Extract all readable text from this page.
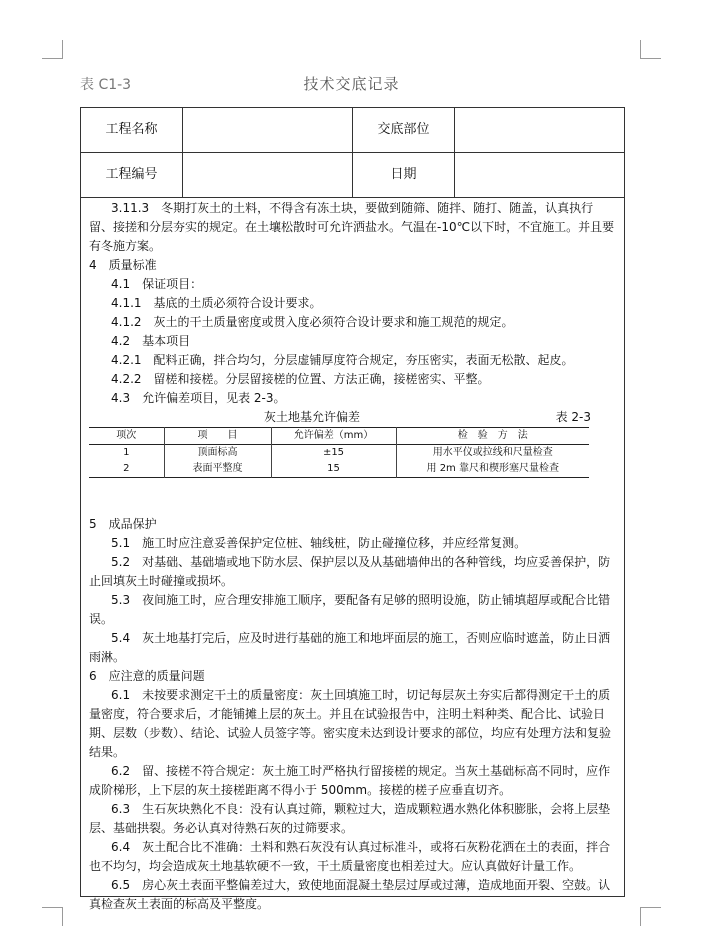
表 C1-3	技术交底记录
工程名称	交底部位
工程编号	日期

3.11.3　冬期打灰土的土料，不得含有冻土块，要做到随筛、随拌、随打、随盖，认真执行留、接搓和分层夯实的规定。在土壤松散时可允许洒盐水。气温在-10℃以下时，不宜施工。并且要有冬施方案。

4　质量标准

4.1　保证项目：

4.1.1　基底的土质必须符合设计要求。

4.1.2　灰土的干土质量密度或贯入度必须符合设计要求和施工规范的规定。

4.2　基本项目

4.2.1　配料正确，拌合均匀，分层虚铺厚度符合规定，夯压密实，表面无松散、起皮。

4.2.2　留槎和接槎。分层留接槎的位置、方法正确，接槎密实、平整。

4.3　允许偏差项目，见表 2-3。

灰土地基允许偏差	表 2-3
项次	项　　目	允许偏差（mm）	检　验　方　法
1	顶面标高	±15	用水平仪或拉线和尺量检查
2	表面平整度	15	用 2m 靠尺和楔形塞尺量检查

5　成品保护

5.1　施工时应注意妥善保护定位桩、轴线桩，防止碰撞位移，并应经常复测。

5.2　对基础、基础墙或地下防水层、保护层以及从基础墙伸出的各种管线，均应妥善保护，防止回填灰土时碰撞或损坏。

5.3　夜间施工时，应合理安排施工顺序，要配备有足够的照明设施，防止铺填超厚或配合比错误。

5.4　灰土地基打完后，应及时进行基础的施工和地坪面层的施工，否则应临时遮盖，防止日洒雨淋。

6　应注意的质量问题

6.1　未按要求测定干土的质量密度：灰土回填施工时，切记每层灰土夯实后都得测定干土的质量密度，符合要求后，才能铺摊上层的灰土。并且在试验报告中，注明土料种类、配合比、试验日期、层数（步数）、结论、试验人员签字等。密实度未达到设计要求的部位，均应有处理方法和复验结果。

6.2　留、接槎不符合规定：灰土施工时严格执行留接槎的规定。当灰土基础标高不同时，应作成阶梯形，上下层的灰土接槎距离不得小于 500mm。接槎的槎子应垂直切齐。

6.3　生石灰块熟化不良：没有认真过筛，颗粒过大，造成颗粒遇水熟化体积膨胀，会将上层垫层、基础拱裂。务必认真对待熟石灰的过筛要求。

6.4　灰土配合比不准确：土料和熟石灰没有认真过标准斗，或将石灰粉花洒在土的表面，拌合也不均匀，均会造成灰土地基软硬不一致，干土质量密度也相差过大。应认真做好计量工作。

6.5　房心灰土表面平整偏差过大，致使地面混凝土垫层过厚或过薄，造成地面开裂、空鼓。认真检查灰土表面的标高及平整度。
